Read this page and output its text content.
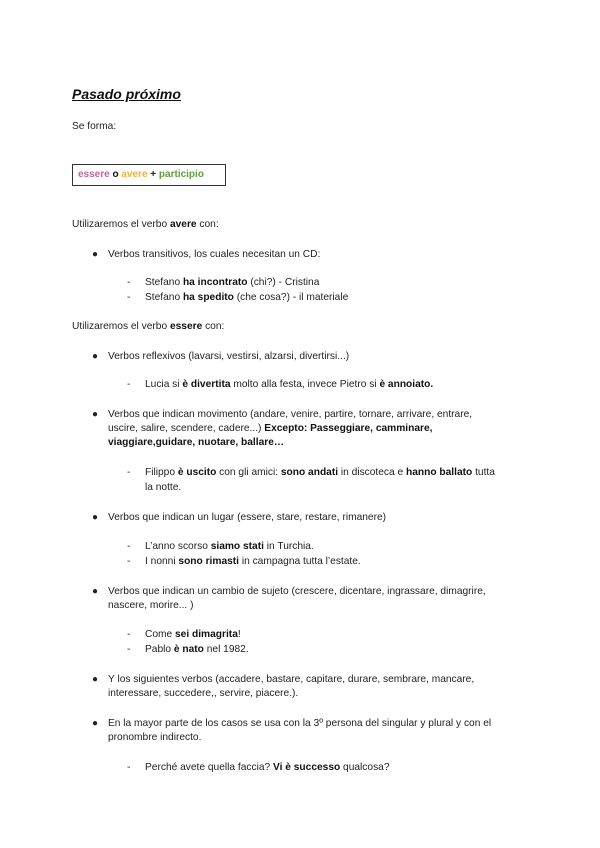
Pasado próximo
Se forma:
essere o avere + participio
Utilizaremos el verbo avere con:
● Verbos transitivos, los cuales necesitan un CD:
-	Stefano ha incontrato (chi?) - Cristina
-	Stefano ha spedito (che cosa?) - il materiale
Utilizaremos el verbo essere con:
● Verbos reflexivos (lavarsi, vestirsi, alzarsi, divertirsi...)
-	Lucia si è divertita molto alla festa, invece Pietro si è annoiato.
● Verbos que indican movimento (andare, venire, partire, tornare, arrivare, entrare,
uscire, salire, scendere, cadere...) Excepto: Passeggiare, camminare,
viaggiare,guidare, nuotare, ballare…
-	Filippo è uscito con gli amici: sono andati in discoteca e hanno ballato tutta
la notte.
● Verbos que indican un lugar (essere, stare, restare, rimanere)
-	L’anno scorso siamo stati in Turchia.
-	I nonni sono rimasti in campagna tutta l’estate.
● Verbos que indican un cambio de sujeto (crescere, dicentare, ingrassare, dimagrire,
nascere, morire... )
-	Come sei dimagrita!
-	Pablo è nato nel 1982.
● Y los siguientes verbos (accadere, bastare, capitare, durare, sembrare, mancare,
interessare, succedere,, servire, piacere.).
● En la mayor parte de los casos se usa con la 3º persona del singular y plural y con el
pronombre indirecto.
-	Perché avete quella faccia? Vi è successo qualcosa?
